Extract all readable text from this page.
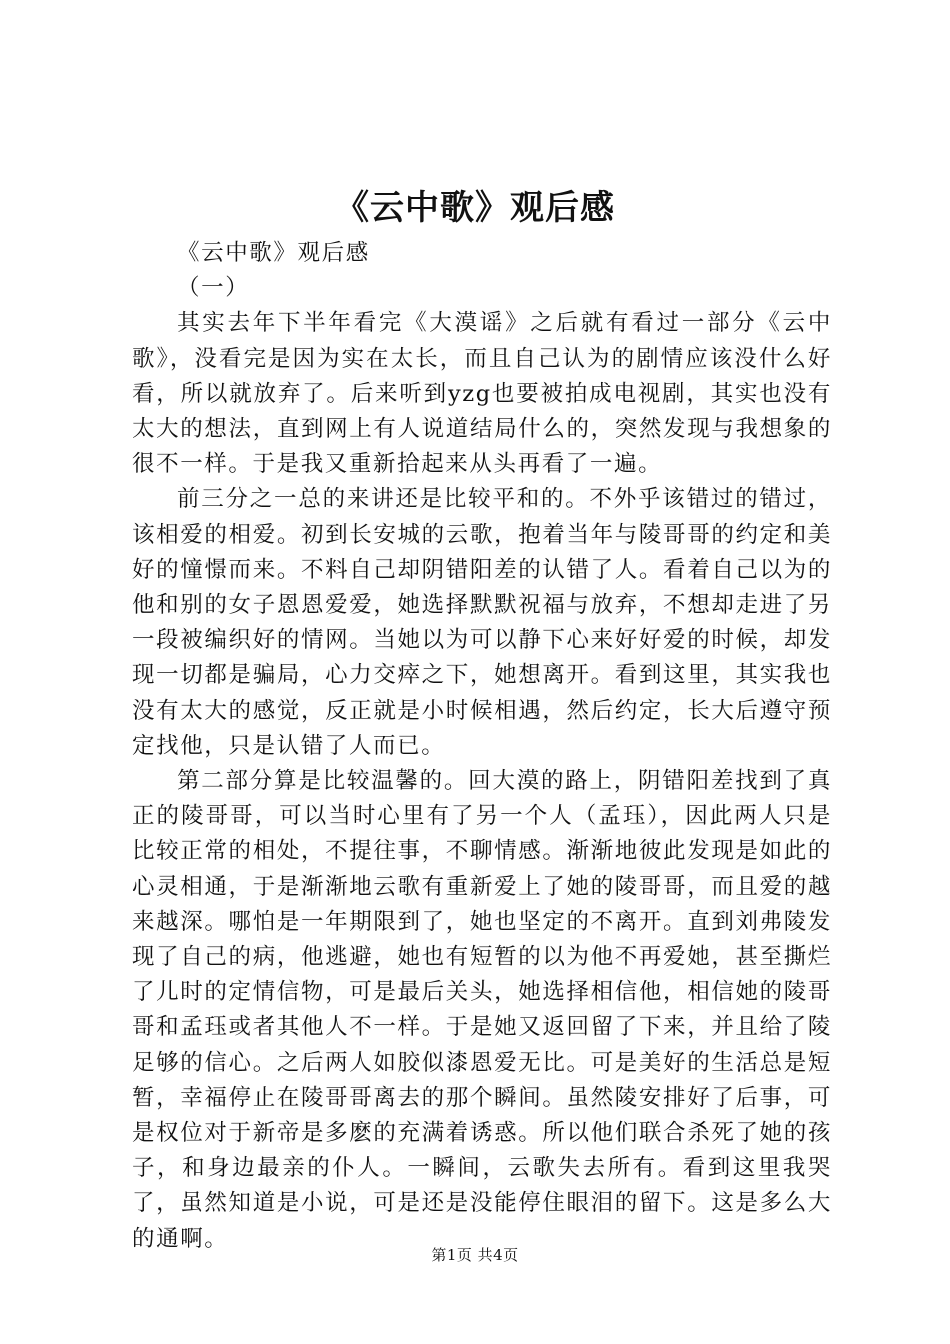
《云中歌》观后感

《云中歌》观后感

（一）

其实去年下半年看完《大漠谣》之后就有看过一部分《云中歌》，没看完是因为实在太长，而且自己认为的剧情应该没什么好看，所以就放弃了。后来听到yzg也要被拍成电视剧，其实也没有太大的想法，直到网上有人说道结局什么的，突然发现与我想象的很不一样。于是我又重新拾起来从头再看了一遍。

前三分之一总的来讲还是比较平和的。不外乎该错过的错过，该相爱的相爱。初到长安城的云歌，抱着当年与陵哥哥的约定和美好的憧憬而来。不料自己却阴错阳差的认错了人。看着自己以为的他和别的女子恩恩爱爱，她选择默默祝福与放弃，不想却走进了另一段被编织好的情网。当她以为可以静下心来好好爱的时候，却发现一切都是骗局，心力交瘁之下，她想离开。看到这里，其实我也没有太大的感觉，反正就是小时候相遇，然后约定，长大后遵守预定找他，只是认错了人而已。

第二部分算是比较温馨的。回大漠的路上，阴错阳差找到了真正的陵哥哥，可以当时心里有了另一个人（孟珏），因此两人只是比较正常的相处，不提往事，不聊情感。渐渐地彼此发现是如此的心灵相通，于是渐渐地云歌有重新爱上了她的陵哥哥，而且爱的越来越深。哪怕是一年期限到了，她也坚定的不离开。直到刘弗陵发现了自己的病，他逃避，她也有短暂的以为他不再爱她，甚至撕烂了儿时的定情信物，可是最后关头，她选择相信他，相信她的陵哥哥和孟珏或者其他人不一样。于是她又返回留了下来，并且给了陵足够的信心。之后两人如胶似漆恩爱无比。可是美好的生活总是短暂，幸福停止在陵哥哥离去的那个瞬间。虽然陵安排好了后事，可是权位对于新帝是多麽的充满着诱惑。所以他们联合杀死了她的孩子，和身边最亲的仆人。一瞬间，云歌失去所有。看到这里我哭了，虽然知道是小说，可是还是没能停住眼泪的留下。这是多么大的通啊。

第1页 共4页
